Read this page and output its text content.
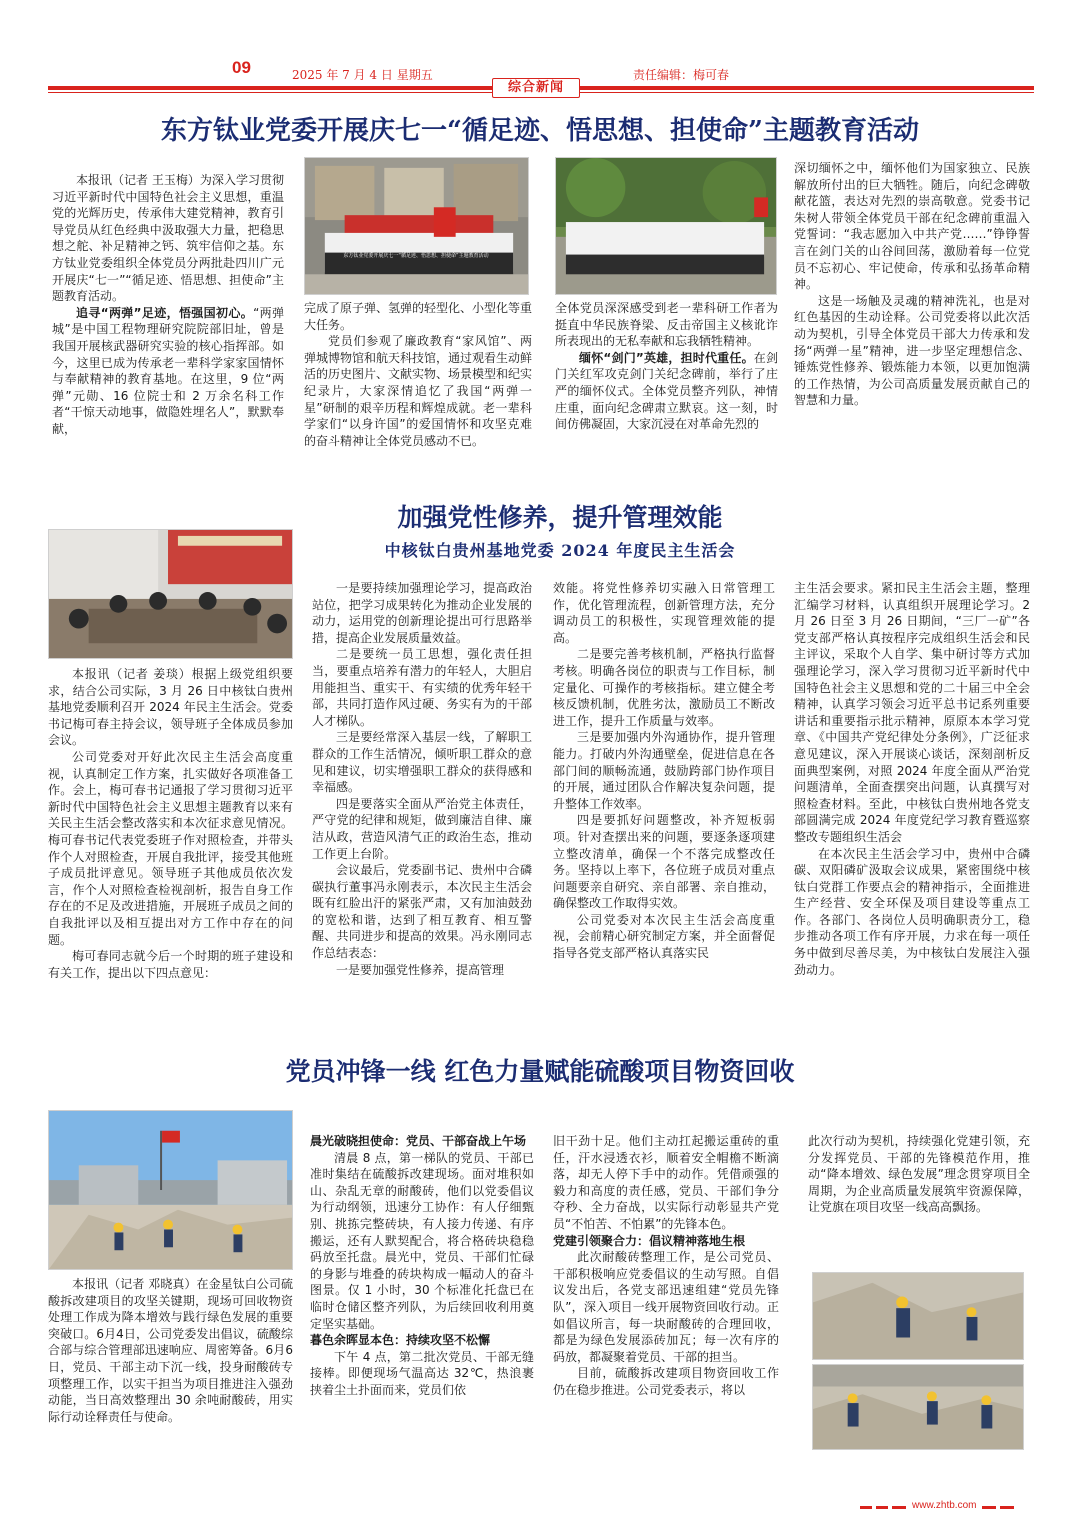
09	2025 年 7 月 4 日 星期五	责任编辑：梅可春
综合新闻
东方钛业党委开展庆七一“循足迹、悟思想、担使命”主题教育活动

本报讯（记者 王玉梅）为深入学习贯彻习近平新时代中国特色社会主义思想，重温党的光辉历史，传承伟大建党精神，教育引导党员从红色经典中汲取强大力量，把稳思想之舵、补足精神之钙、筑牢信仰之基。东方钛业党委组织全体党员分两批赴四川广元开展庆“七一”“循足迹、悟思想、担使命”主题教育活动。

追寻“两弹”足迹，悟强国初心。“两弹城”是中国工程物理研究院院部旧址，曾是我国开展核武器研究实验的核心指挥部。如今，这里已成为传承老一辈科学家家国情怀与奉献精神的教育基地。在这里，9 位“两弹”元勋、16 位院士和 2 万余名科工作者“干惊天动地事，做隐姓埋名人”，默默奉献，

东方钛业党委开展庆七一“循足迹、悟思想、担使命”主题教育活动

完成了原子弹、氢弹的轻型化、小型化等重大任务。

党员们参观了廉政教育“家风馆”、两弹城博物馆和航天科技馆，通过观看生动鲜活的历史图片、文献实物、场景模型和纪实纪录片，大家深情追忆了我国“两弹一星”研制的艰辛历程和辉煌成就。老一辈科学家们“以身许国”的爱国情怀和攻坚克难的奋斗精神让全体党员感动不已。

全体党员深深感受到老一辈科研工作者为挺直中华民族脊梁、反击帝国主义核讹诈所表现出的无私奉献和忘我牺牲精神。

缅怀“剑门”英雄，担时代重任。在剑门关红军攻克剑门关纪念碑前，举行了庄严的缅怀仪式。全体党员整齐列队，神情庄重，面向纪念碑肃立默哀。这一刻，时间仿佛凝固，大家沉浸在对革命先烈的

深切缅怀之中，缅怀他们为国家独立、民族解放所付出的巨大牺牲。随后，向纪念碑敬献花篮，表达对先烈的崇高敬意。党委书记朱树人带领全体党员干部在纪念碑前重温入党誓词：“我志愿加入中共产党……”铮铮誓言在剑门关的山谷间回荡，激励着每一位党员不忘初心、牢记使命，传承和弘扬革命精神。

这是一场触及灵魂的精神洗礼，也是对红色基因的生动诠释。公司党委将以此次活动为契机，引导全体党员干部大力传承和发扬“两弹一星”精神，进一步坚定理想信念、锤炼党性修养、锻炼能力本领，以更加饱满的工作热情，为公司高质量发展贡献自己的智慧和力量。

加强党性修养，提升管理效能
中核钛白贵州基地党委 2024 年度民主生活会

本报讯（记者 姜琰）根据上级党组织要求，结合公司实际，3 月 26 日中核钛白贵州基地党委顺利召开 2024 年民主生活会。党委书记梅可春主持会议，领导班子全体成员参加会议。

公司党委对开好此次民主生活会高度重视，认真制定工作方案，扎实做好各项准备工作。会上，梅可春书记通报了学习贯彻习近平新时代中国特色社会主义思想主题教育以来有关民主生活会整改落实和本次征求意见情况。梅可春书记代表党委班子作对照检查，并带头作个人对照检查，开展自我批评，接受其他班子成员批评意见。领导班子其他成员依次发言，作个人对照检查检视剖析，报告自身工作存在的不足及改进措施，开展班子成员之间的自我批评以及相互提出对方工作中存在的问题。

梅可春同志就今后一个时期的班子建设和有关工作，提出以下四点意见：

一是要持续加强理论学习，提高政治站位，把学习成果转化为推动企业发展的动力，运用党的创新理论提出可行思路举措，提高企业发展质量效益。

二是要统一员工思想，强化责任担当，要重点培养有潜力的年轻人，大胆启用能担当、重实干、有实绩的优秀年轻干部，共同打造作风过硬、务实有为的干部人才梯队。

三是要经常深入基层一线，了解职工群众的工作生活情况，倾听职工群众的意见和建议，切实增强职工群众的获得感和幸福感。

四是要落实全面从严治党主体责任，严守党的纪律和规矩，做到廉洁自律、廉洁从政，营造风清气正的政治生态，推动工作更上台阶。

会议最后，党委副书记、贵州中合磷碳执行董事冯永刚表示，本次民主生活会既有红脸出汗的紧张严肃，又有加油鼓劲的宽松和谐，达到了相互教育、相互警醒、共同进步和提高的效果。冯永刚同志作总结表态：

一是要加强党性修养，提高管理

效能。将党性修养切实融入日常管理工作，优化管理流程，创新管理方法，充分调动员工的积极性，实现管理效能的提高。

二是要完善考核机制，严格执行监督考核。明确各岗位的职责与工作目标，制定量化、可操作的考核指标。建立健全考核反馈机制，优胜劣汰，激励员工不断改进工作，提升工作质量与效率。

三是要加强内外沟通协作，提升管理能力。打破内外沟通壁垒，促进信息在各部门间的顺畅流通，鼓励跨部门协作项目的开展，通过团队合作解决复杂问题，提升整体工作效率。

四是要抓好问题整改，补齐短板弱项。针对查摆出来的问题，要逐条逐项建立整改清单，确保一个不落完成整改任务。坚持以上率下，各位班子成员对重点问题要亲自研究、亲自部署、亲自推动，确保整改工作取得实效。

公司党委对本次民主生活会高度重视，会前精心研究制定方案，并全面督促指导各党支部严格认真落实民

主生活会要求。紧扣民主生活会主题，整理汇编学习材料，认真组织开展理论学习。2 月 26 日至 3 月 26 日期间，“三厂一矿”各党支部严格认真按程序完成组织生活会和民主评议，采取个人自学、集中研讨等方式加强理论学习，深入学习贯彻习近平新时代中国特色社会主义思想和党的二十届三中全会精神，认真学习领会习近平总书记系列重要讲话和重要指示批示精神，原原本本学习党章、《中国共产党纪律处分条例》，广泛征求意见建议，深入开展谈心谈话，深刻剖析反面典型案例，对照 2024 年度全面从严治党问题清单，全面查摆突出问题，认真撰写对照检查材料。至此，中核钛白贵州地各党支部圆满完成 2024 年度党纪学习教育暨巡察整改专题组织生活会

在本次民主生活会学习中，贵州中合磷碳、双阳磷矿汲取会议成果，紧密围绕中核钛白党群工作要点会的精神指示，全面推进生产经营、安全环保及项目建设等重点工作。各部门、各岗位人员明确职责分工，稳步推动各项工作有序开展，力求在每一项任务中做到尽善尽美，为中核钛白发展注入强劲动力。

党员冲锋一线 红色力量赋能硫酸项目物资回收

本报讯（记者 邓晓真）在金星钛白公司硫酸拆改建项目的攻坚关键期，现场可回收物资处理工作成为降本增效与践行绿色发展的重要突破口。6月4日，公司党委发出倡议，硫酸综合部与综合管理部迅速响应、周密筹备。6月6日，党员、干部主动下沉一线，投身耐酸砖专项整理工作，以实干担当为项目推进注入强劲动能，当日高效整理出 30 余吨耐酸砖，用实际行动诠释责任与使命。

晨光破晓担使命：党员、干部奋战上午场

清晨 8 点，第一梯队的党员、干部已准时集结在硫酸拆改建现场。面对堆积如山、杂乱无章的耐酸砖，他们以党委倡议为行动纲领，迅速分工协作：有人仔细甄别、挑拣完整砖块，有人接力传递、有序搬运，还有人默契配合，将合格砖块稳稳码放至托盘。晨光中，党员、干部们忙碌的身影与堆叠的砖块构成一幅动人的奋斗图景。仅 1 小时，30 个标准化托盘已在临时仓储区整齐列队，为后续回收利用奠定坚实基础。

暮色余晖显本色：持续攻坚不松懈

下午 4 点，第二批次党员、干部无缝接棒。即便现场气温高达 32℃，热浪裹挟着尘土扑面而来，党员们依

旧干劲十足。他们主动扛起搬运重砖的重任，汗水浸透衣衫，顺着安全帽檐不断滴落，却无人停下手中的动作。凭借顽强的毅力和高度的责任感，党员、干部们争分夺秒、全力奋战，以实际行动彰显共产党员“不怕苦、不怕累”的先锋本色。

党建引领聚合力：倡议精神落地生根

此次耐酸砖整理工作，是公司党员、干部积极响应党委倡议的生动写照。自倡议发出后，各党支部迅速组建“党员先锋队”，深入项目一线开展物资回收行动。正如倡议所言，每一块耐酸砖的合理回收，都是为绿色发展添砖加瓦；每一次有序的码放，都凝聚着党员、干部的担当。

目前，硫酸拆改建项目物资回收工作仍在稳步推进。公司党委表示，将以

此次行动为契机，持续强化党建引领，充分发挥党员、干部的先锋模范作用，推动“降本增效、绿色发展”理念贯穿项目全周期，为企业高质量发展筑牢资源保障，让党旗在项目攻坚一线高高飘扬。

www.zhtb.com
